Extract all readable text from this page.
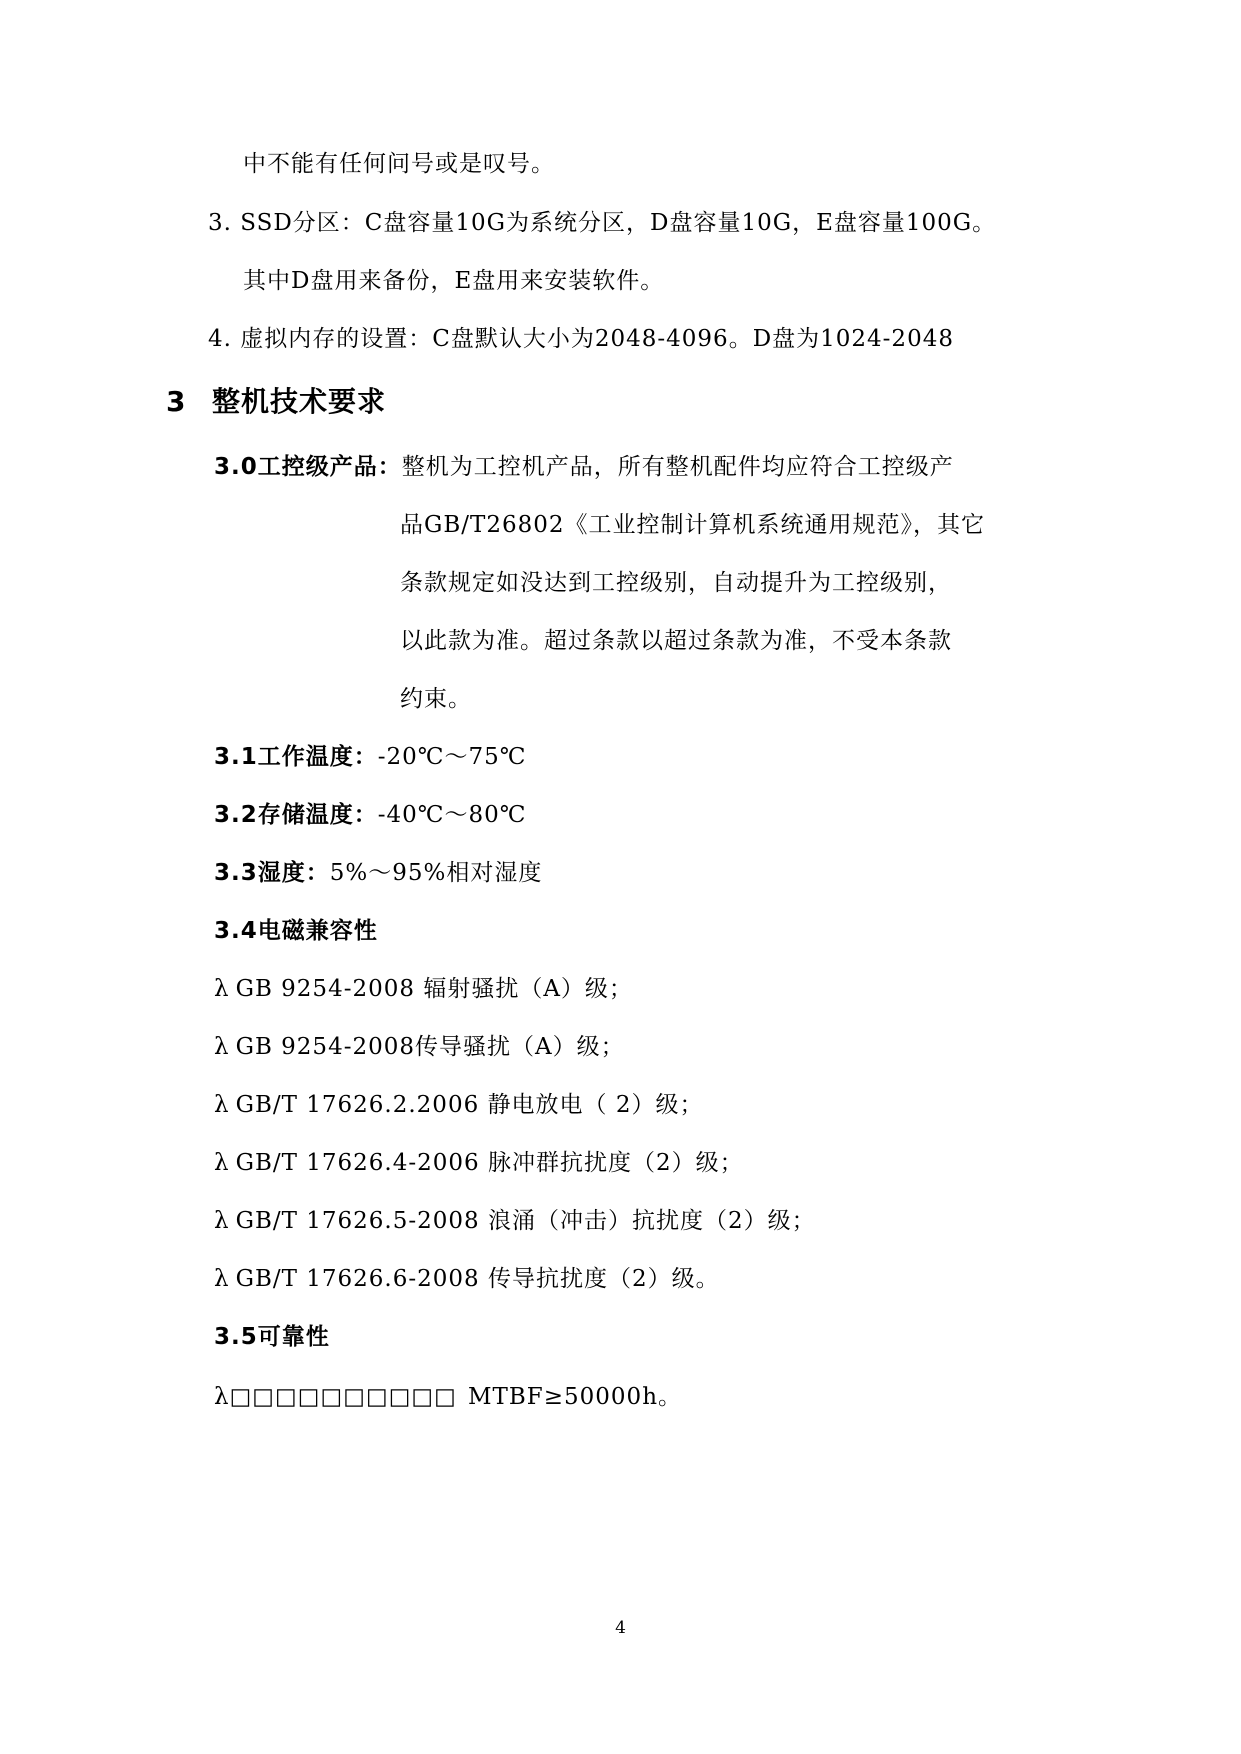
中不能有任何问号或是叹号。
3. SSD分区：C盘容量10G为系统分区，D盘容量10G，E盘容量100G。
其中D盘用来备份，E盘用来安装软件。
4. 虚拟内存的设置：C盘默认大小为2048-4096。D盘为1024-2048
3 整机技术要求
3.0工控级产品：整机为工控机产品，所有整机配件均应符合工控级产
品GB/T26802《工业控制计算机系统通用规范》，其它
条款规定如没达到工控级别，自动提升为工控级别，
以此款为准。超过条款以超过条款为准，不受本条款
约束。
3.1工作温度：-20℃～75℃
3.2存储温度：-40℃～80℃
3.3湿度：5%～95%相对湿度
3.4电磁兼容性
λ GB 9254-2008 辐射骚扰（A）级；
λ GB 9254-2008传导骚扰（A）级；
λ GB/T 17626.2.2006 静电放电（ 2）级；
λ GB/T 17626.4-2006 脉冲群抗扰度（2）级；
λ GB/T 17626.5-2008 浪涌（冲击）抗扰度（2）级；
λ GB/T 17626.6-2008 传导抗扰度（2）级。
3.5可靠性
λ□□□□□□□□□□ MTBF≥50000h。
4
